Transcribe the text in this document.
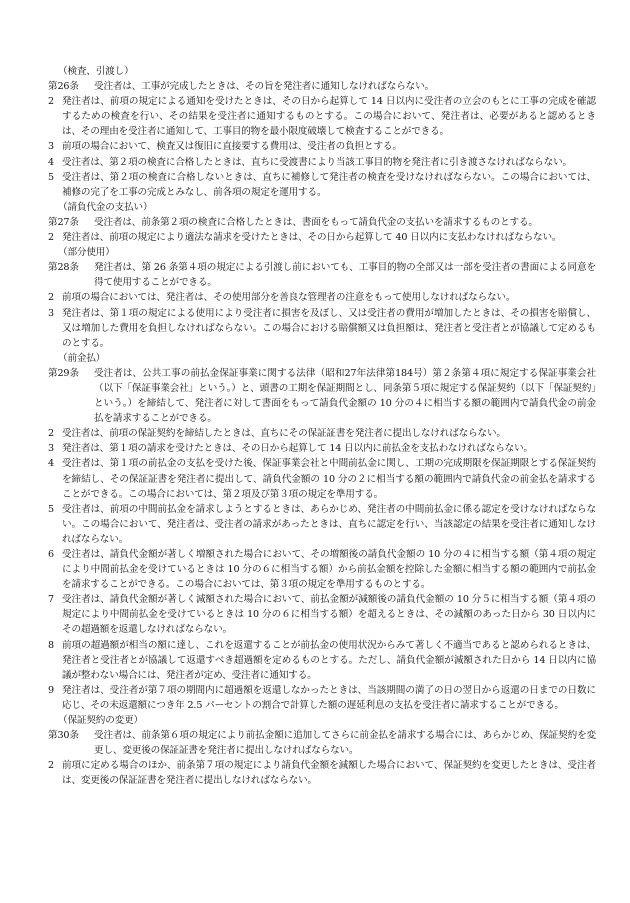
（検査、引渡し）
第26条	受注者は、工事が完成したときは、その旨を発注者に通知しなければならない。
2 発注者は、前項の規定による通知を受けたときは、その日から起算して 14 日以内に受注者の立会のもとに工事の完成を確認するための検査を行い、その結果を受注者に通知するものとする。この場合において、発注者は、必要があると認めるときは、その理由を受注者に通知して、工事目的物を最小限度破壊して検査することができる。
3 前項の場合において、検査又は復旧に直接要する費用は、受注者の負担とする。
4 受注者は、第２項の検査に合格したときは、直ちに受渡書により当該工事目的物を発注者に引き渡さなければならない。
5 受注者は、第２項の検査に合格しないときは、直ちに補修して発注者の検査を受けなければならない。この場合においては、補修の完了を工事の完成とみなし、前各項の規定を運用する。
（請負代金の支払い）
第27条	受注者は、前条第２項の検査に合格したときは、書面をもって請負代金の支払いを請求するものとする。
2 発注者は、前項の規定により適法な請求を受けたときは、その日から起算して 40 日以内に支払わなければならない。
（部分使用）
第28条	発注者は、第 26 条第４項の規定による引渡し前においても、工事目的物の全部又は一部を受注者の書面による同意を得て使用することができる。
2 前項の場合においては、発注者は、その使用部分を善良な管理者の注意をもって使用しなければならない。
3 発注者は、第１項の規定による使用により受注者に損害を及ぼし、又は受注者の費用が増加したときは、その損害を賠償し、又は増加した費用を負担しなければならない。この場合における賠償額又は負担額は、発注者と受注者とが協議して定めるものとする。
（前金払）
第29条	受注者は、公共工事の前払金保証事業に関する法律（昭和27年法律第184号）第２条第４項に規定する保証事業会社（以下「保証事業会社」という。）と、頭書の工期を保証期間とし、同条第５項に規定する保証契約（以下「保証契約」という。）を締結して、発注者に対して書面をもって請負代金額の 10 分の４に相当する額の範囲内で請負代金の前金払を請求することができる。
2 受注者は、前項の保証契約を締結したときは、直ちにその保証証書を発注者に提出しなければならない。
3 発注者は、第１項の請求を受けたときは、その日から起算して 14 日以内に前払金を支払わなければならない。
4 受注者は、第１項の前払金の支払を受けた後、保証事業会社と中間前払金に関し、工期の完成期限を保証期限とする保証契約を締結し、その保証証書を発注者に提出して、請負代金額の 10 分の２に相当する額の範囲内で請負代金の前金払を請求することができる。この場合においては、第２項及び第３項の規定を準用する。
5 受注者は、前項の中間前払金を請求しようとするときは、あらかじめ、発注者の中間前払金に係る認定を受けなければならない。この場合において、発注者は、受注者の請求があったときは、直ちに認定を行い、当該認定の結果を受注者に通知しなければならない。
6 受注者は、請負代金額が著しく増額された場合において、その増額後の請負代金額の 10 分の４に相当する額（第４項の規定により中間前払金を受けているときは 10 分の６に相当する額）から前払金額を控除した金額に相当する額の範囲内で前払金を請求することができる。この場合においては、第３項の規定を準用するものとする。
7 受注者は、請負代金額が著しく減額された場合において、前払金額が減額後の請負代金額の 10 分５に相当する額（第４項の規定により中間前払金を受けているときは 10 分の６に相当する額）を超えるときは、その減額のあった日から 30 日以内にその超過額を返還しなければならない。
8 前項の超過額が相当の額に達し、これを返還することが前払金の使用状況からみて著しく不適当であると認められるときは、発注者と受注者とが協議して返還すべき超過額を定めるものとする。ただし、請負代金額が減額された日から 14 日以内に協議が整わない場合には、発注者が定め、受注者に通知する。
9 発注者は、受注者が第７項の期間内に超過額を返還しなかったときは、当該期間の満了の日の翌日から返還の日までの日数に応じ、その未返還額につき年 2.5 パーセントの割合で計算した額の遅延利息の支払を受注者に請求することができる。
（保証契約の変更）
第30条	受注者は、前条第６項の規定により前払金額に追加してさらに前金払を請求する場合には、あらかじめ、保証契約を変更し、変更後の保証証書を発注者に提出しなければならない。
2 前項に定める場合のほか、前条第７項の規定により請負代金額を減額した場合において、保証契約を変更したときは、受注者は、変更後の保証証書を発注者に提出しなければならない。
